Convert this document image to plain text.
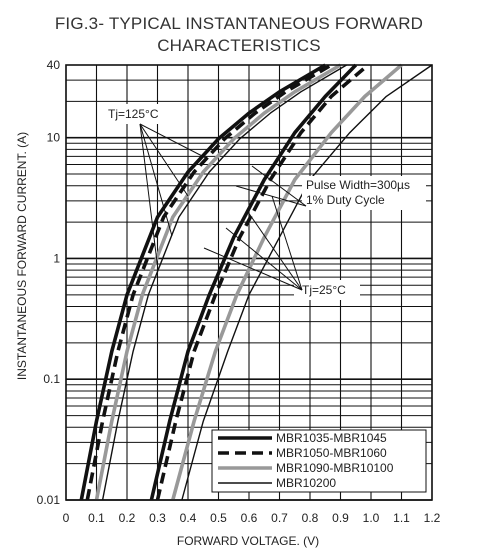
FIG.3- TYPICAL INSTANTANEOUS FORWARD
CHARACTERISTICS
Tj=125°C
Pulse Width=300µs
1% Duty Cycle
Tj=25°C
0 0.1 0.2 0.3 0.4 0.5 0.6 0.7 0.8 0.9 1.0 1.1 1.2
40
10
1
0.1
0.01
MBR1035-MBR1045
MBR1050-MBR1060
MBR1090-MBR10100
MBR10200
FORWARD VOLTAGE. (V)
INSTANTANEOUS FORWARD CURRENT. (A)
